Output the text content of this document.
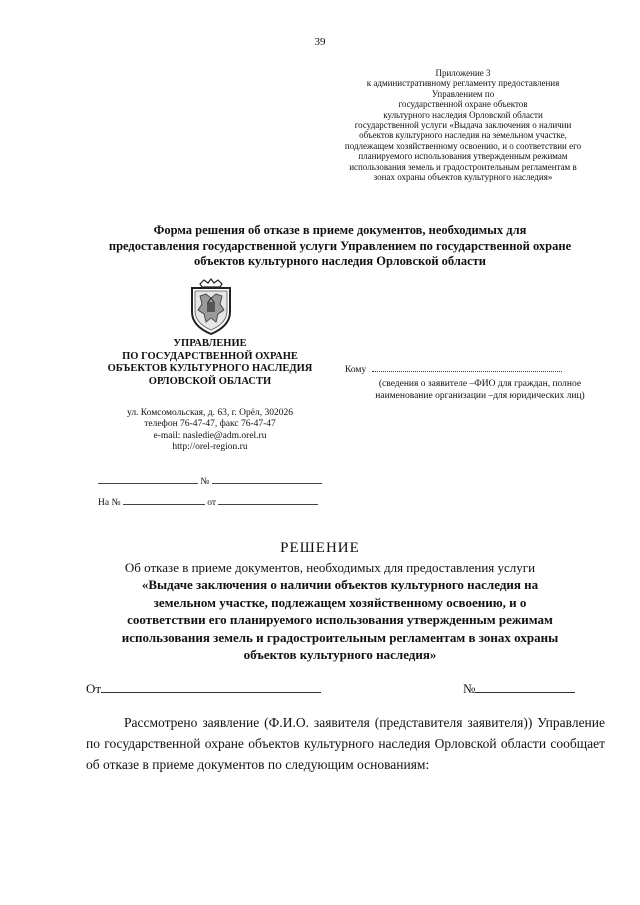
39
Приложение 3
к административному регламенту предоставления
Управлением по
государственной охране объектов
культурного наследия Орловской области
государственной услуги «Выдача заключения о наличии
объектов культурного наследия на земельном участке,
подлежащем хозяйственному освоению, и о соответствии его
планируемого использования утвержденным режимам
использования земель и градостроительным регламентам в
зонах охраны объектов культурного наследия»
Форма решения об отказе в приеме документов, необходимых для
предоставления государственной услуги Управлением по государственной охране
объектов культурного наследия Орловской области
УПРАВЛЕНИЕ
ПО ГОСУДАРСТВЕННОЙ ОХРАНЕ
ОБЪЕКТОВ КУЛЬТУРНОГО НАСЛЕДИЯ
ОРЛОВСКОЙ ОБЛАСТИ
ул. Комсомольская, д. 63, г. Орёл, 302026
телефон 76-47-47, факс 76-47-47
e-mail: nasledie@adm.orel.ru
http://orel-region.ru
Кому
(сведения о заявителе –ФИО для граждан, полное
наименование организации –для юридических лиц)
№
На №	от
РЕШЕНИЕ
Об отказе в приеме документов, необходимых для предоставления услуги
«Выдаче заключения о наличии объектов культурного наследия на
земельном участке, подлежащем хозяйственному освоению, и о
соответствии его планируемого использования утвержденным режимам
использования земель и градостроительным регламентам в зонах охраны
объектов культурного наследия»
От	№
Рассмотрено заявление (Ф.И.О. заявителя (представителя заявителя)) Управление по государственной охране объектов культурного наследия Орловской области сообщает об отказе в приеме документов по следующим основаниям:
